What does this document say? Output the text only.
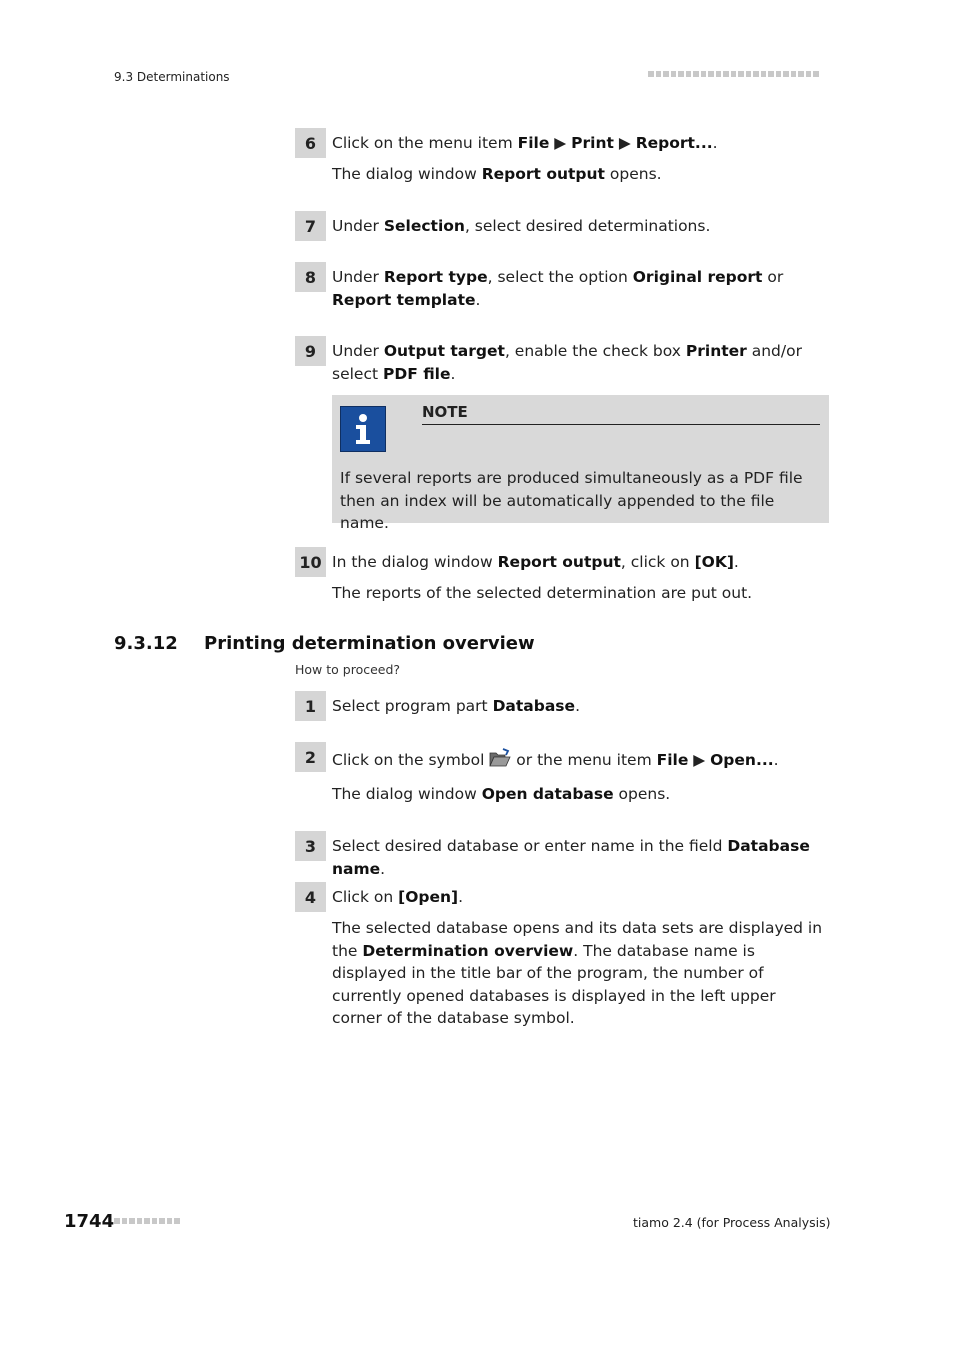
9.3 Determinations
6	Click on the menu item File ▶ Print ▶ Report....
The dialog window Report output opens.
7	Under Selection, select desired determinations.
8	Under Report type, select the option Original report or Report template.
9	Under Output target, enable the check box Printer and/or select PDF file.
NOTE
If several reports are produced simultaneously as a PDF file then an index will be automatically appended to the file name.
10 In the dialog window Report output, click on [OK].
The reports of the selected determination are put out.
9.3.12 Printing determination overview
How to proceed?
1	Select program part Database.
2	Click on the symbol  or the menu item File ▶ Open....
The dialog window Open database opens.
3	Select desired database or enter name in the field Database name.
4	Click on [Open].
The selected database opens and its data sets are displayed in the Determination overview. The database name is displayed in the title bar of the program, the number of currently opened databases is displayed in the left upper corner of the database symbol.
1744	tiamo 2.4 (for Process Analysis)
